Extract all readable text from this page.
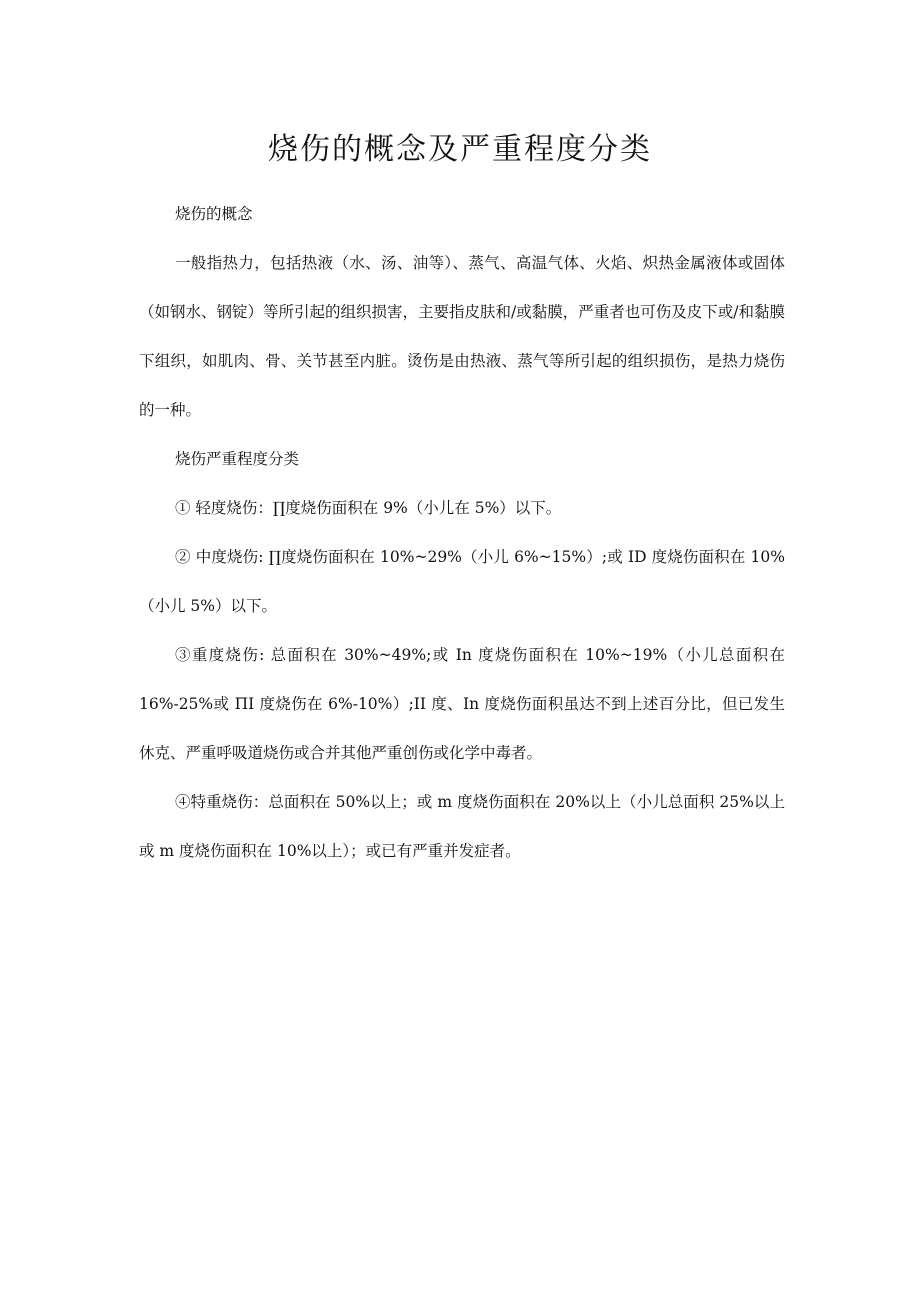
烧伤的概念及严重程度分类

烧伤的概念

一般指热力，包括热液（水、汤、油等）、蒸气、高温气体、火焰、炽热金属液体或固体（如钢水、钢锭）等所引起的组织损害，主要指皮肤和/或黏膜，严重者也可伤及皮下或/和黏膜下组织，如肌肉、骨、关节甚至内脏。烫伤是由热液、蒸气等所引起的组织损伤，是热力烧伤的一种。

烧伤严重程度分类

① 轻度烧伤：∏度烧伤面积在 9%（小儿在 5%）以下。

② 中度烧伤: ∏度烧伤面积在 10%~29%（小儿 6%~15%）;或 ID 度烧伤面积在 10%（小儿 5%）以下。

③重度烧伤: 总面积在 30%~49%;或 In 度烧伤面积在 10%~19%（小儿总面积在 16%-25%或 ΠI 度烧伤在 6%-10%）;II 度、In 度烧伤面积虽达不到上述百分比，但已发生休克、严重呼吸道烧伤或合并其他严重创伤或化学中毒者。

④特重烧伤：总面积在 50%以上；或 m 度烧伤面积在 20%以上（小儿总面积 25%以上或 m 度烧伤面积在 10%以上）；或已有严重并发症者。
